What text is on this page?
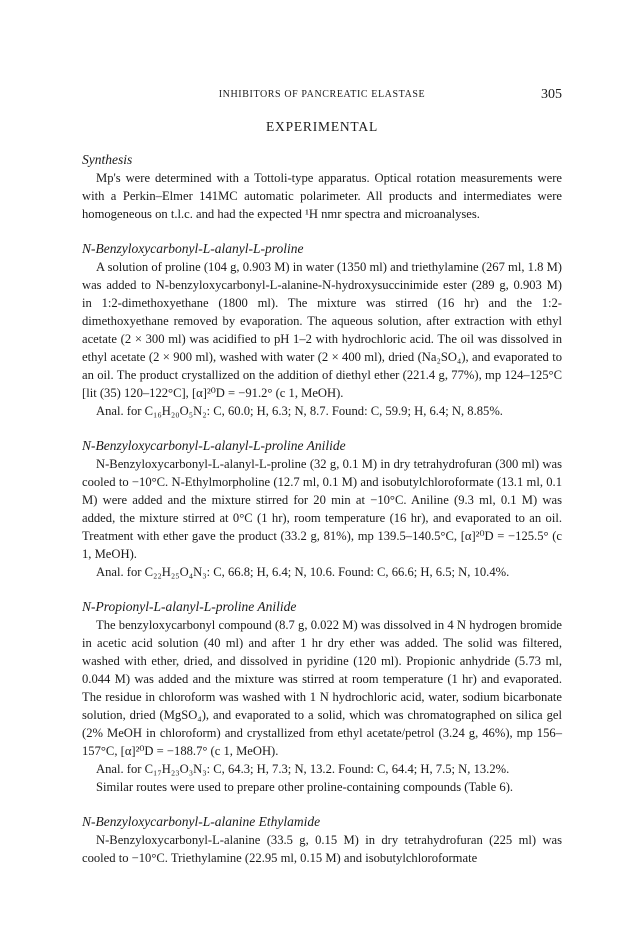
INHIBITORS OF PANCREATIC ELASTASE	305
EXPERIMENTAL
Synthesis

Mp's were determined with a Tottoli-type apparatus. Optical rotation measurements were with a Perkin–Elmer 141MC automatic polarimeter. All products and intermediates were homogeneous on t.l.c. and had the expected ¹H nmr spectra and microanalyses.

N-Benzyloxycarbonyl-L-alanyl-L-proline

A solution of proline (104 g, 0.903 M) in water (1350 ml) and triethylamine (267 ml, 1.8 M) was added to N-benzyloxycarbonyl-L-alanine-N-hydroxysuccinimide ester (289 g, 0.903 M) in 1:2-dimethoxyethane (1800 ml). The mixture was stirred (16 hr) and the 1:2-dimethoxyethane removed by evaporation. The aqueous solution, after extraction with ethyl acetate (2 × 300 ml) was acidified to pH 1–2 with hydrochloric acid. The oil was dissolved in ethyl acetate (2 × 900 ml), washed with water (2 × 400 ml), dried (Na₂SO₄), and evaporated to an oil. The product crystallized on the addition of diethyl ether (221.4 g, 77%), mp 124–125°C [lit (35) 120–122°C], [α]²⁰D = −91.2° (c 1, MeOH).

Anal. for C₁₆H₂₀O₅N₂: C, 60.0; H, 6.3; N, 8.7. Found: C, 59.9; H, 6.4; N, 8.85%.

N-Benzyloxycarbonyl-L-alanyl-L-proline Anilide

N-Benzyloxycarbonyl-L-alanyl-L-proline (32 g, 0.1 M) in dry tetrahydrofuran (300 ml) was cooled to −10°C. N-Ethylmorpholine (12.7 ml, 0.1 M) and isobutylchloroformate (13.1 ml, 0.1 M) were added and the mixture stirred for 20 min at −10°C. Aniline (9.3 ml, 0.1 M) was added, the mixture stirred at 0°C (1 hr), room temperature (16 hr), and evaporated to an oil. Treatment with ether gave the product (33.2 g, 81%), mp 139.5–140.5°C, [α]²⁰D = −125.5° (c 1, MeOH).

Anal. for C₂₂H₂₅O₄N₃: C, 66.8; H, 6.4; N, 10.6. Found: C, 66.6; H, 6.5; N, 10.4%.

N-Propionyl-L-alanyl-L-proline Anilide

The benzyloxycarbonyl compound (8.7 g, 0.022 M) was dissolved in 4 N hydrogen bromide in acetic acid solution (40 ml) and after 1 hr dry ether was added. The solid was filtered, washed with ether, dried, and dissolved in pyridine (120 ml). Propionic anhydride (5.73 ml, 0.044 M) was added and the mixture was stirred at room temperature (1 hr) and evaporated. The residue in chloroform was washed with 1 N hydrochloric acid, water, sodium bicarbonate solution, dried (MgSO₄), and evaporated to a solid, which was chromatographed on silica gel (2% MeOH in chloroform) and crystallized from ethyl acetate/petrol (3.24 g, 46%), mp 156–157°C, [α]²⁰D = −188.7° (c 1, MeOH).

Anal. for C₁₇H₂₃O₃N₃: C, 64.3; H, 7.3; N, 13.2. Found: C, 64.4; H, 7.5; N, 13.2%.

Similar routes were used to prepare other proline-containing compounds (Table 6).

N-Benzyloxycarbonyl-L-alanine Ethylamide

N-Benzyloxycarbonyl-L-alanine (33.5 g, 0.15 M) in dry tetrahydrofuran (225 ml) was cooled to −10°C. Triethylamine (22.95 ml, 0.15 M) and isobutylchloroformate
